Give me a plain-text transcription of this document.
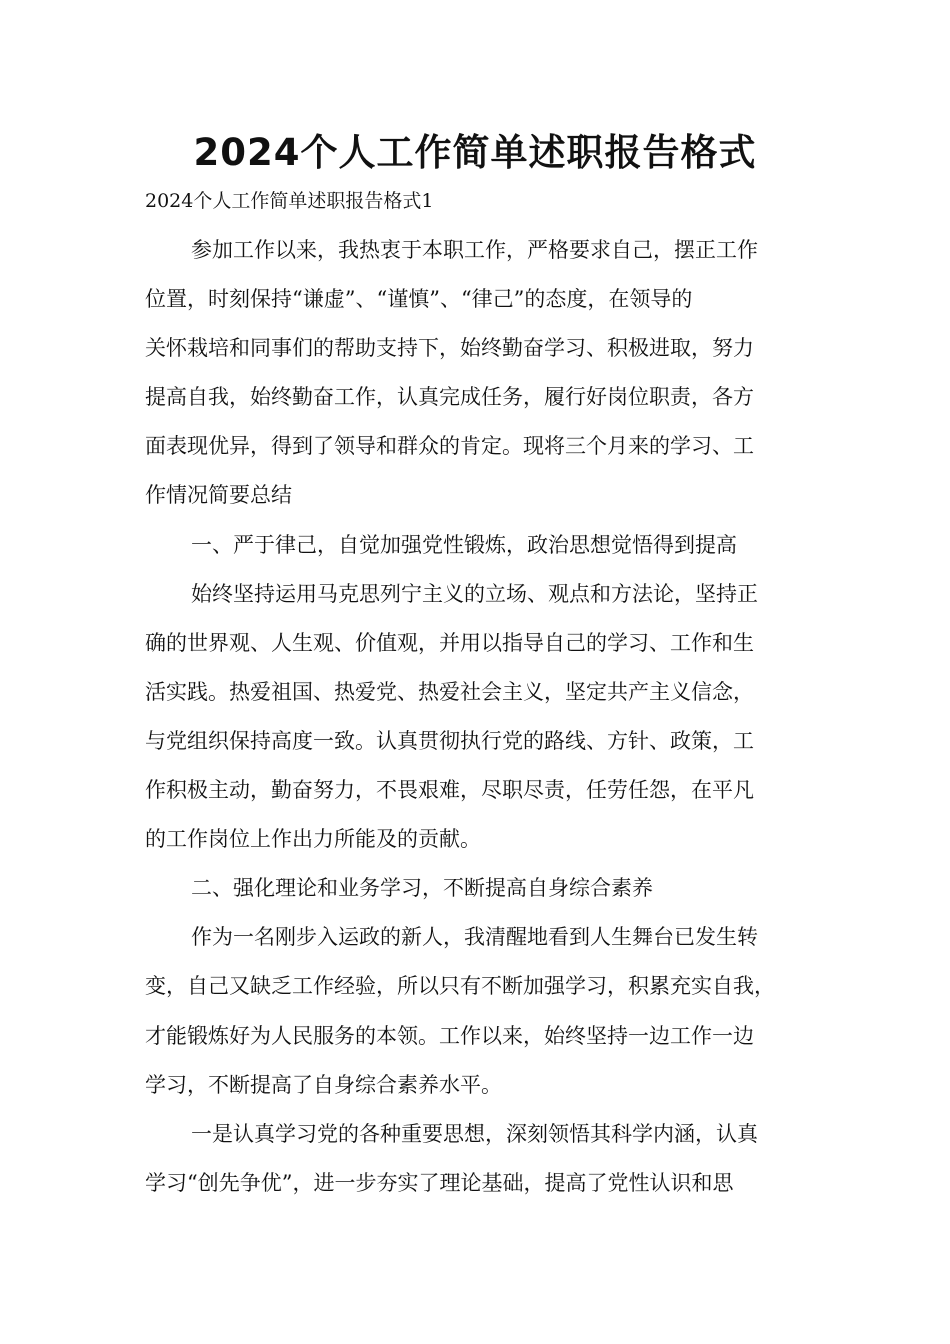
2024个人工作简单述职报告格式

2024个人工作简单述职报告格式1

参加工作以来，我热衷于本职工作，严格要求自己，摆正工作

位置，时刻保持“谦虚”、“谨慎”、“律己”的态度，在领导的

关怀栽培和同事们的帮助支持下，始终勤奋学习、积极进取，努力

提高自我，始终勤奋工作，认真完成任务，履行好岗位职责，各方

面表现优异，得到了领导和群众的肯定。现将三个月来的学习、工

作情况简要总结

一、严于律己，自觉加强党性锻炼，政治思想觉悟得到提高

始终坚持运用马克思列宁主义的立场、观点和方法论，坚持正

确的世界观、人生观、价值观，并用以指导自己的学习、工作和生

活实践。热爱祖国、热爱党、热爱社会主义，坚定共产主义信念，

与党组织保持高度一致。认真贯彻执行党的路线、方针、政策，工

作积极主动，勤奋努力，不畏艰难，尽职尽责，任劳任怨，在平凡

的工作岗位上作出力所能及的贡献。

二、强化理论和业务学习，不断提高自身综合素养

作为一名刚步入运政的新人，我清醒地看到人生舞台已发生转

变，自己又缺乏工作经验，所以只有不断加强学习，积累充实自我，

才能锻炼好为人民服务的本领。工作以来，始终坚持一边工作一边

学习，不断提高了自身综合素养水平。

一是认真学习党的各种重要思想，深刻领悟其科学内涵，认真

学习“创先争优”，进一步夯实了理论基础，提高了党性认识和思
